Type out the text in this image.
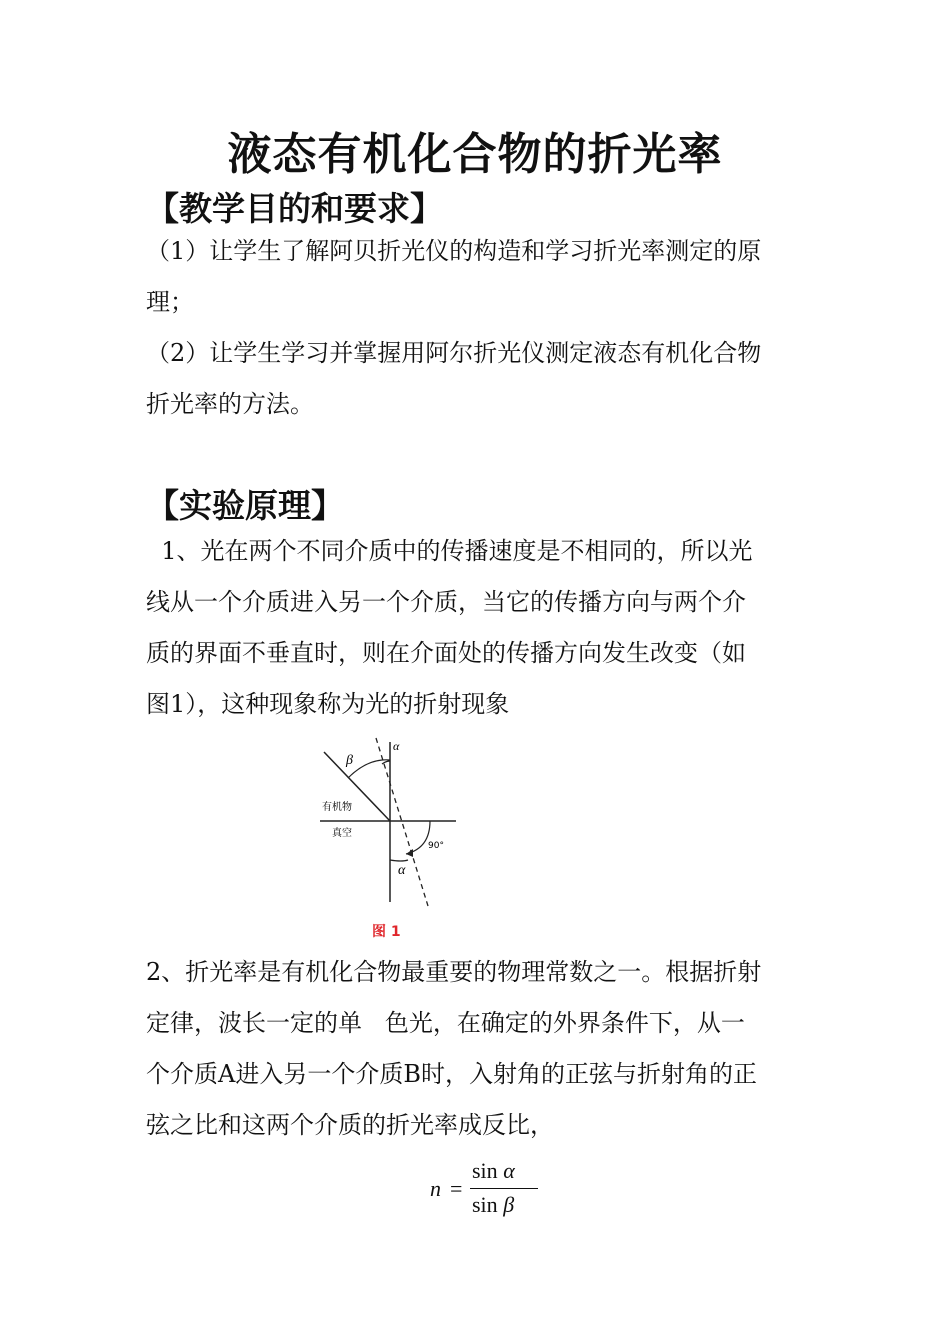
液态有机化合物的折光率
【教学目的和要求】
（1）让学生了解阿贝折光仪的构造和学习折光率测定的原
理；
（2）让学生学习并掌握用阿尔折光仪测定液态有机化合物
折光率的方法。
【实验原理】
1、光在两个不同介质中的传播速度是不相同的，所以光
线从一个介质进入另一个介质，当它的传播方向与两个介
质的界面不垂直时，则在介面处的传播方向发生改变（如
图1），这种现象称为光的折射现象
β
α
有机物
真空
90°
α
图 1
2、折光率是有机化合物最重要的物理常数之一。根据折射
定律，波长一定的单   色光，在确定的外界条件下，从一
个介质A进入另一个介质B时，入射角的正弦与折射角的正
弦之比和这两个介质的折光率成反比，
n =
sin α
sin β
